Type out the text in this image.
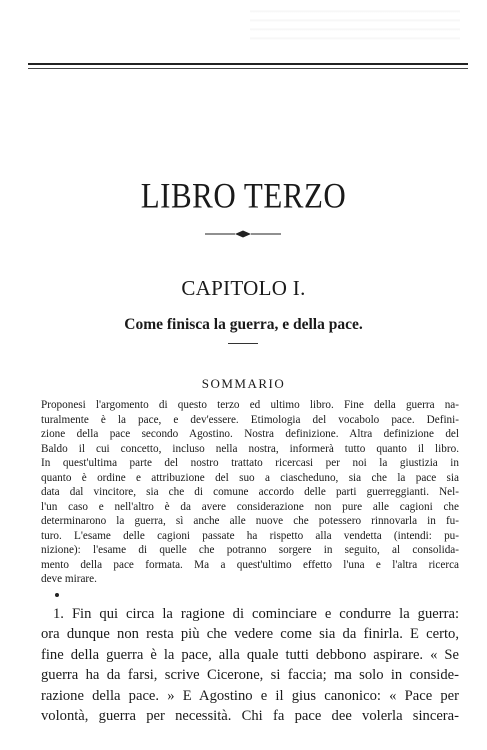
LIBRO TERZO
CAPITOLO I.
Come finisca la guerra, e della pace.
SOMMARIO
Proponesi l'argomento di questo terzo ed ultimo libro. Fine della guerra na-
turalmente è la pace, e dev'essere. Etimologia del vocabolo pace. Defini-
zione della pace secondo Agostino. Nostra definizione. Altra definizione del
Baldo il cui concetto, incluso nella nostra, informerà tutto quanto il libro.
In quest'ultima parte del nostro trattato ricercasi per noi la giustizia in
quanto è ordine e attribuzione del suo a ciascheduno, sia che la pace sia
data dal vincitore, sia che di comune accordo delle parti guerreggianti. Nel-
l'un caso e nell'altro è da avere considerazione non pure alle cagioni che
determinarono la guerra, sì anche alle nuove che potessero rinnovarla in fu-
turo. L'esame delle cagioni passate ha rispetto alla vendetta (intendi: pu-
nizione): l'esame di quelle che potranno sorgere in seguito, al consolida-
mento della pace formata. Ma a quest'ultimo effetto l'una e l'altra ricerca
deve mirare.
1. Fin qui circa la ragione di cominciare e condurre la guerra:
ora dunque non resta più che vedere come sia da finirla. E certo,
fine della guerra è la pace, alla quale tutti debbono aspirare. « Se
guerra ha da farsi, scrive Cicerone, si faccia; ma solo in conside-
razione della pace. » E Agostino e il gius canonico: « Pace per
volontà, guerra per necessità. Chi fa pace dee volerla sincera-
